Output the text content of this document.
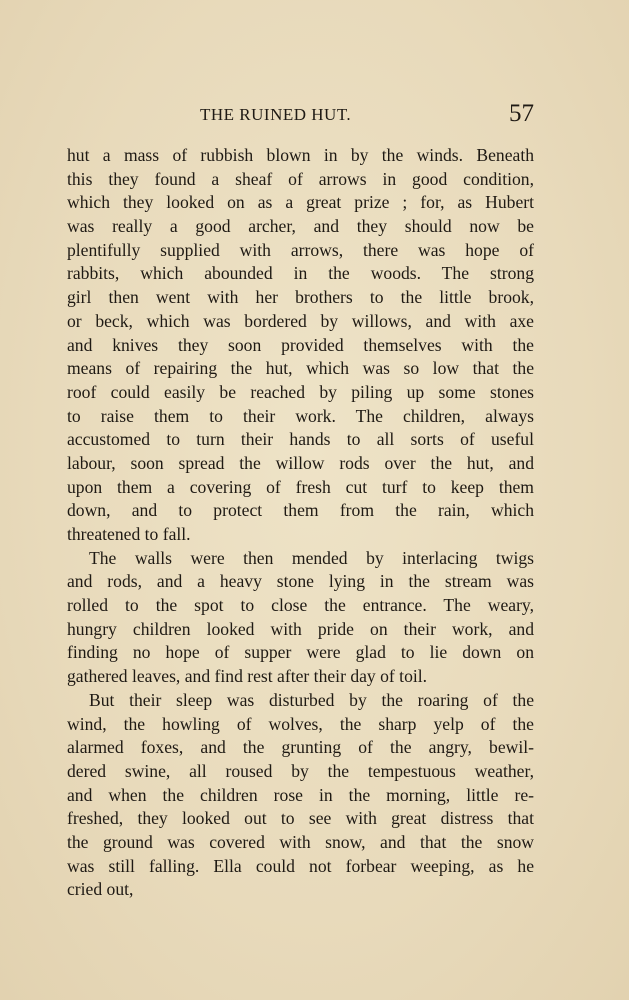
THE RUINED HUT.	57
hut a mass of rubbish blown in by the winds. Beneath
this they found a sheaf of arrows in good condition,
which they looked on as a great prize ; for, as Hubert
was really a good archer, and they should now be
plentifully supplied with arrows, there was hope of
rabbits, which abounded in the woods. The strong
girl then went with her brothers to the little brook,
or beck, which was bordered by willows, and with axe
and knives they soon provided themselves with the
means of repairing the hut, which was so low that the
roof could easily be reached by piling up some stones
to raise them to their work. The children, always
accustomed to turn their hands to all sorts of useful
labour, soon spread the willow rods over the hut, and
upon them a covering of fresh cut turf to keep them
down, and to protect them from the rain, which
threatened to fall.
The walls were then mended by interlacing twigs
and rods, and a heavy stone lying in the stream was
rolled to the spot to close the entrance. The weary,
hungry children looked with pride on their work, and
finding no hope of supper were glad to lie down on
gathered leaves, and find rest after their day of toil.
But their sleep was disturbed by the roaring of the
wind, the howling of wolves, the sharp yelp of the
alarmed foxes, and the grunting of the angry, bewil-
dered swine, all roused by the tempestuous weather,
and when the children rose in the morning, little re-
freshed, they looked out to see with great distress that
the ground was covered with snow, and that the snow
was still falling. Ella could not forbear weeping, as he
cried out,
